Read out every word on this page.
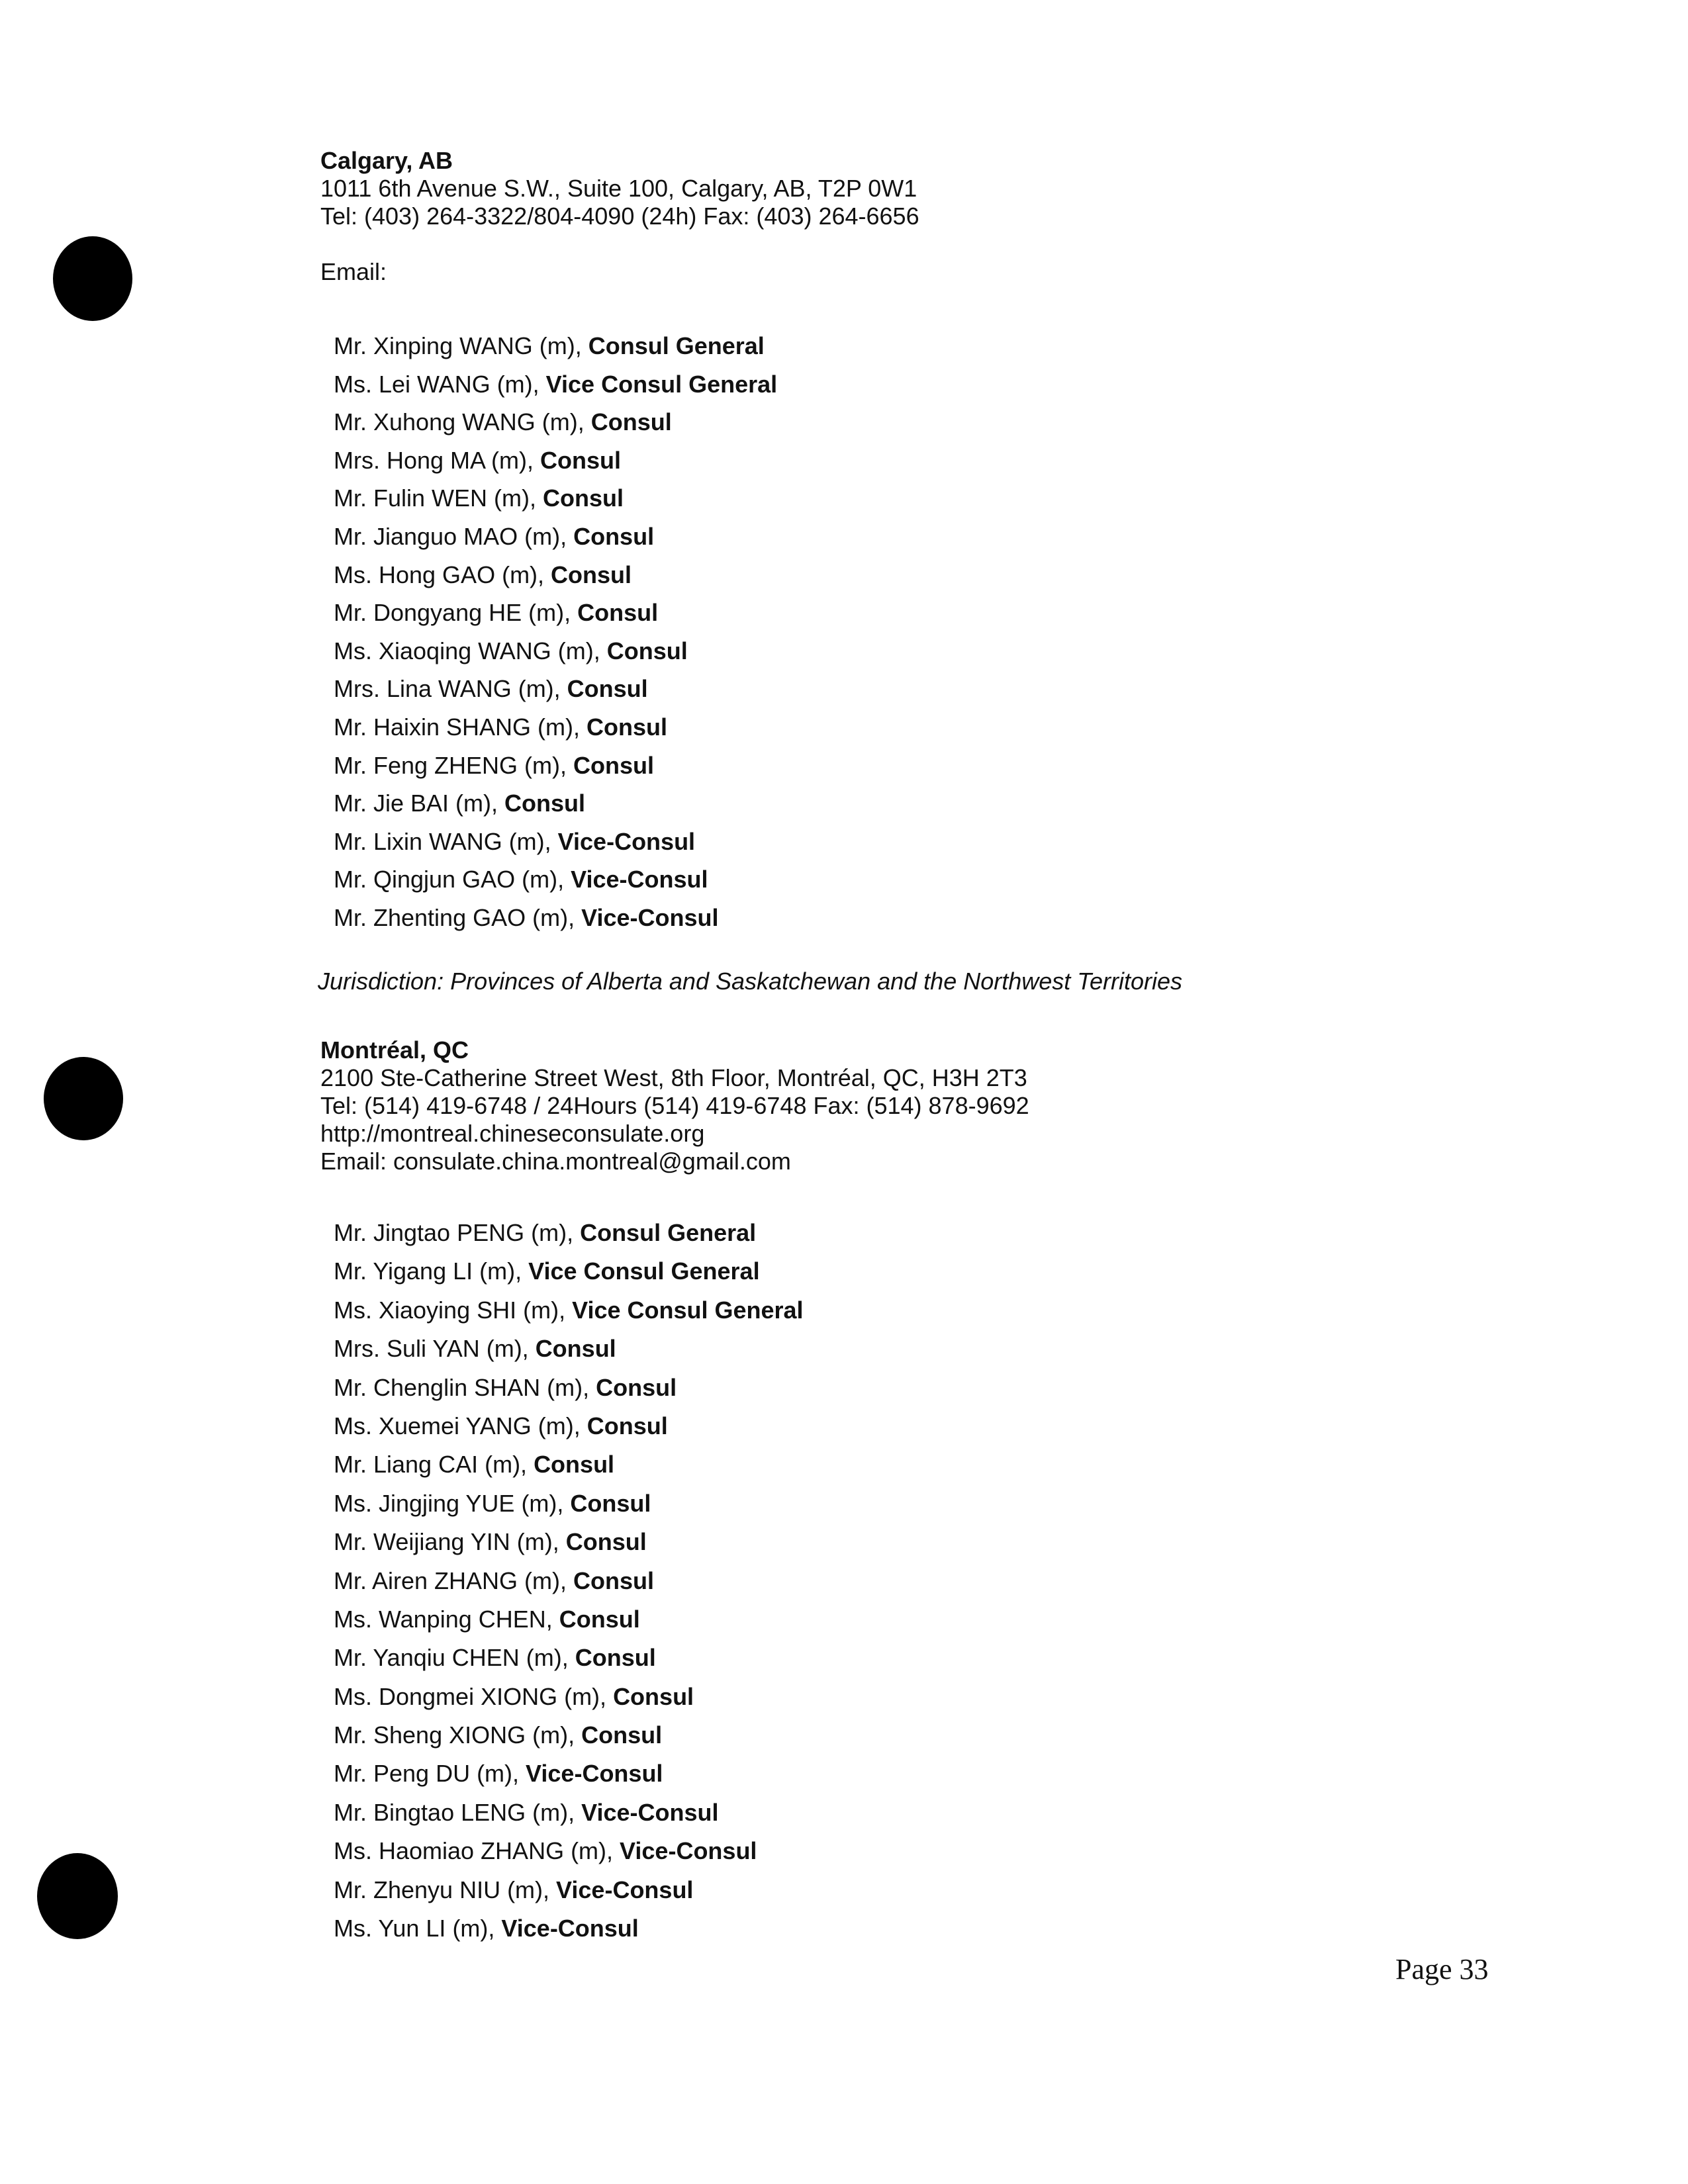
Calgary, AB
1011 6th Avenue S.W., Suite 100, Calgary, AB, T2P 0W1
Tel: (403) 264-3322/804-4090 (24h) Fax: (403) 264-6656
Email:
Mr. Xinping WANG (m), Consul General
Ms. Lei WANG (m), Vice Consul General
Mr. Xuhong WANG (m), Consul
Mrs. Hong MA (m), Consul
Mr. Fulin WEN (m), Consul
Mr. Jianguo MAO (m), Consul
Ms. Hong GAO (m), Consul
Mr. Dongyang HE (m), Consul
Ms. Xiaoqing WANG (m), Consul
Mrs. Lina WANG (m), Consul
Mr. Haixin SHANG (m), Consul
Mr. Feng ZHENG (m), Consul
Mr. Jie BAI (m), Consul
Mr. Lixin WANG (m), Vice-Consul
Mr. Qingjun GAO (m), Vice-Consul
Mr. Zhenting GAO (m), Vice-Consul
Jurisdiction: Provinces of Alberta and Saskatchewan and the Northwest Territories
Montréal, QC
2100 Ste-Catherine Street West, 8th Floor, Montréal, QC, H3H 2T3
Tel: (514) 419-6748 / 24Hours (514) 419-6748 Fax: (514) 878-9692
http://montreal.chineseconsulate.org
Email: consulate.china.montreal@gmail.com
Mr. Jingtao PENG (m), Consul General
Mr. Yigang LI (m), Vice Consul General
Ms. Xiaoying SHI (m), Vice Consul General
Mrs. Suli YAN (m), Consul
Mr. Chenglin SHAN (m), Consul
Ms. Xuemei YANG (m), Consul
Mr. Liang CAI (m), Consul
Ms. Jingjing YUE (m), Consul
Mr. Weijiang YIN (m), Consul
Mr. Airen ZHANG (m), Consul
Ms. Wanping CHEN, Consul
Mr. Yanqiu CHEN (m), Consul
Ms. Dongmei XIONG (m), Consul
Mr. Sheng XIONG (m), Consul
Mr. Peng DU (m), Vice-Consul
Mr. Bingtao LENG (m), Vice-Consul
Ms. Haomiao ZHANG (m), Vice-Consul
Mr. Zhenyu NIU (m), Vice-Consul
Ms. Yun LI (m), Vice-Consul
Page 33
